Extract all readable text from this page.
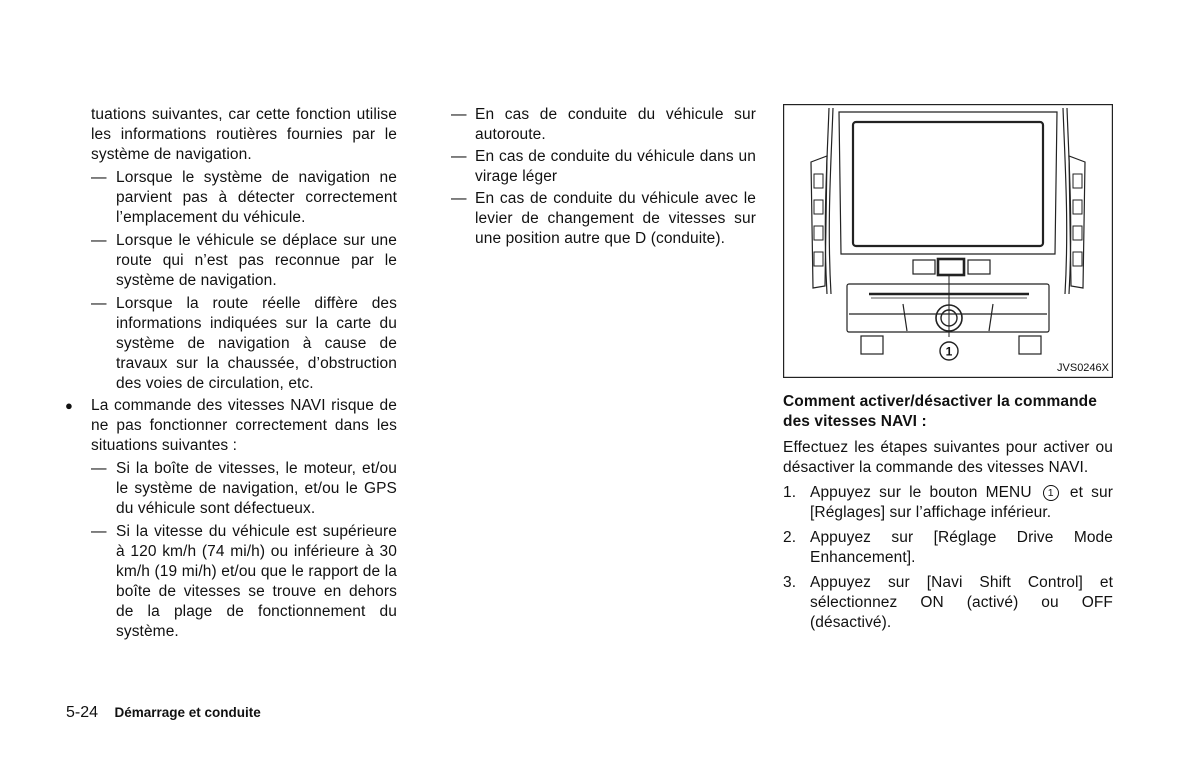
tuations suivantes, car cette fonction utilise les informations routières fournies par le système de navigation.

— Lorsque le système de navigation ne parvient pas à détecter correctement l’emplacement du véhicule.
— Lorsque le véhicule se déplace sur une route qui n’est pas reconnue par le système de navigation.
— Lorsque la route réelle diffère des informations indiquées sur la carte du système de navigation à cause de travaux sur la chaussée, d’obstruction des voies de circulation, etc.
● La commande des vitesses NAVI risque de ne pas fonctionner correctement dans les situations suivantes :
— Si la boîte de vitesses, le moteur, et/ou le système de navigation, et/ou le GPS du véhicule sont défectueux.
— Si la vitesse du véhicule est supérieure à 120 km/h (74 mi/h) ou inférieure à 30 km/h (19 mi/h) et/ou que le rapport de la boîte de vitesses se trouve en dehors de la plage de fonctionnement du système.
— En cas de conduite du véhicule sur autoroute.
— En cas de conduite du véhicule dans un virage léger
— En cas de conduite du véhicule avec le levier de changement de vitesses sur une position autre que D (conduite).
1
JVS0246X

Comment activer/désactiver la commande des vitesses NAVI :

Effectuez les étapes suivantes pour activer ou désactiver la commande des vitesses NAVI.

1. Appuyez sur le bouton MENU 1 et sur [Réglages] sur l’affichage inférieur.
2. Appuyez sur [Réglage Drive Mode Enhancement].
3. Appuyez sur [Navi Shift Control] et sélectionnez ON (activé) ou OFF (désactivé).
5-24 Démarrage et conduite
